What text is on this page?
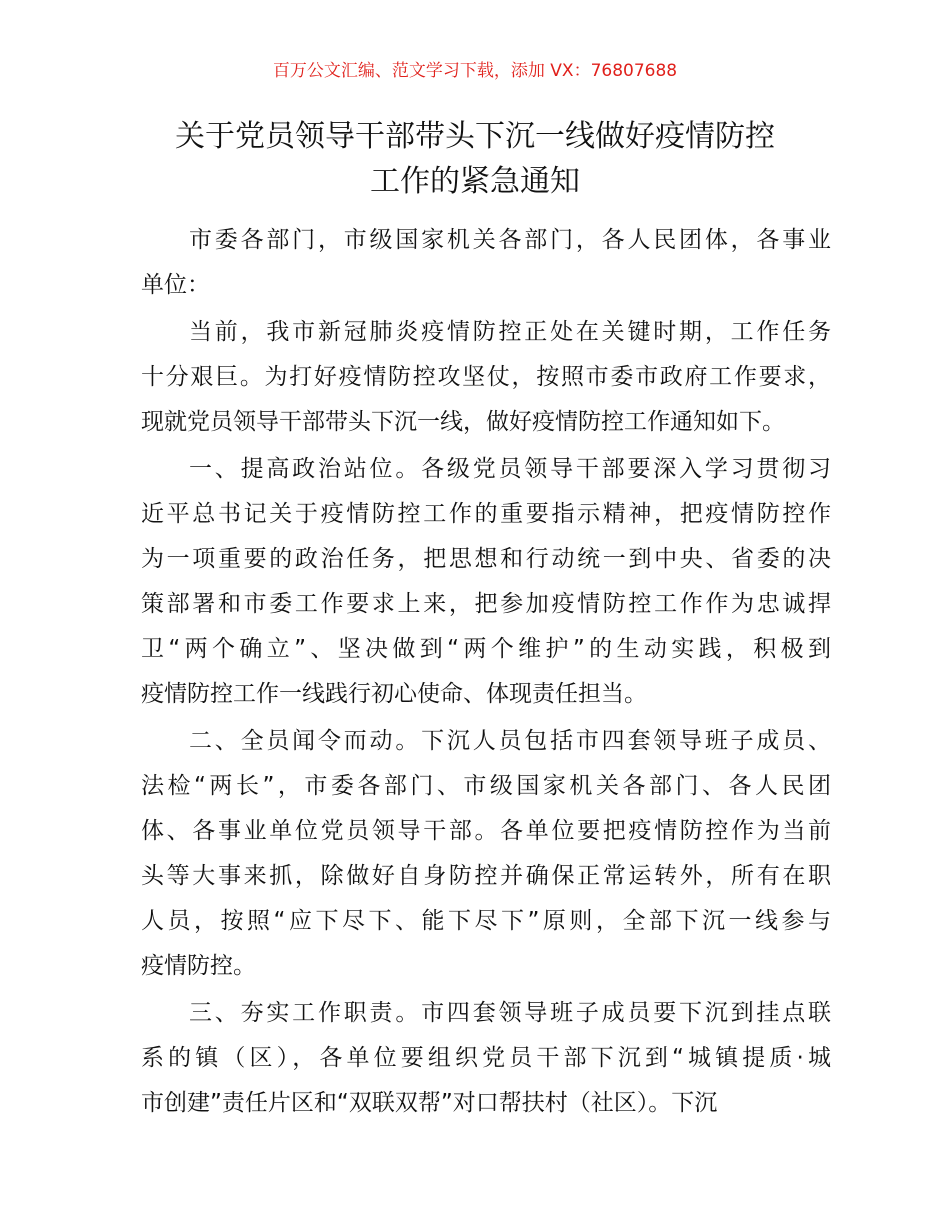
百万公文汇编、范文学习下载，添加 VX：76807688
关于党员领导干部带头下沉一线做好疫情防控
工作的紧急通知
市委各部门，市级国家机关各部门，各人民团体，各事业
单位：
当前，我市新冠肺炎疫情防控正处在关键时期，工作任务
十分艰巨。为打好疫情防控攻坚仗，按照市委市政府工作要求，
现就党员领导干部带头下沉一线，做好疫情防控工作通知如下。
一、提高政治站位。各级党员领导干部要深入学习贯彻习
近平总书记关于疫情防控工作的重要指示精神，把疫情防控作
为一项重要的政治任务，把思想和行动统一到中央、省委的决
策部署和市委工作要求上来，把参加疫情防控工作作为忠诚捍
卫“两个确立”、坚决做到“两个维护”的生动实践，积极到
疫情防控工作一线践行初心使命、体现责任担当。
二、全员闻令而动。下沉人员包括市四套领导班子成员、
法检“两长”，市委各部门、市级国家机关各部门、各人民团
体、各事业单位党员领导干部。各单位要把疫情防控作为当前
头等大事来抓，除做好自身防控并确保正常运转外，所有在职
人员，按照“应下尽下、能下尽下”原则，全部下沉一线参与
疫情防控。
三、夯实工作职责。市四套领导班子成员要下沉到挂点联
系的镇（区），各单位要组织党员干部下沉到“城镇提质·城
市创建”责任片区和“双联双帮”对口帮扶村（社区）。下沉
